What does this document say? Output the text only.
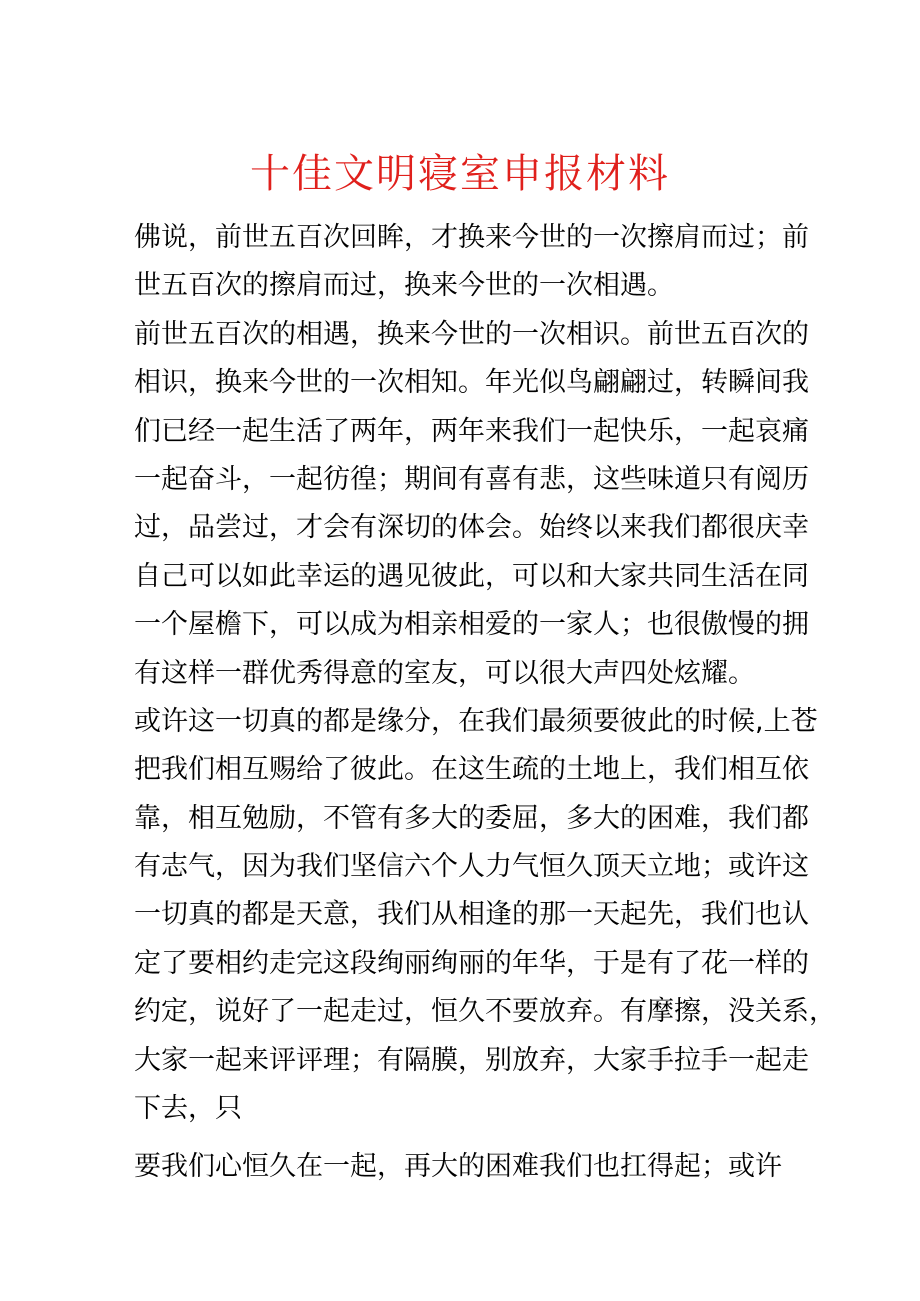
十佳文明寝室申报材料
佛说，前世五百次回眸，才换来今世的一次擦肩而过；前
世五百次的擦肩而过，换来今世的一次相遇。
前世五百次的相遇，换来今世的一次相识。前世五百次的
相识，换来今世的一次相知。年光似鸟翩翩过，转瞬间我
们已经一起生活了两年，两年来我们一起快乐，一起哀痛
一起奋斗，一起彷徨；期间有喜有悲，这些味道只有阅历
过，品尝过，才会有深切的体会。始终以来我们都很庆幸
自己可以如此幸运的遇见彼此，可以和大家共同生活在同
一个屋檐下，可以成为相亲相爱的一家人；也很傲慢的拥
有这样一群优秀得意的室友，可以很大声四处炫耀。
或许这一切真的都是缘分，在我们最须要彼此的时候,上苍
把我们相互赐给了彼此。在这生疏的土地上，我们相互依
靠，相互勉励，不管有多大的委屈，多大的困难，我们都
有志气，因为我们坚信六个人力气恒久顶天立地；或许这
一切真的都是天意，我们从相逢的那一天起先，我们也认
定了要相约走完这段绚丽绚丽的年华，于是有了花一样的
约定，说好了一起走过，恒久不要放弃。有摩擦，没关系，
大家一起来评评理；有隔膜，别放弃，大家手拉手一起走
下去，只
要我们心恒久在一起，再大的困难我们也扛得起；或许
